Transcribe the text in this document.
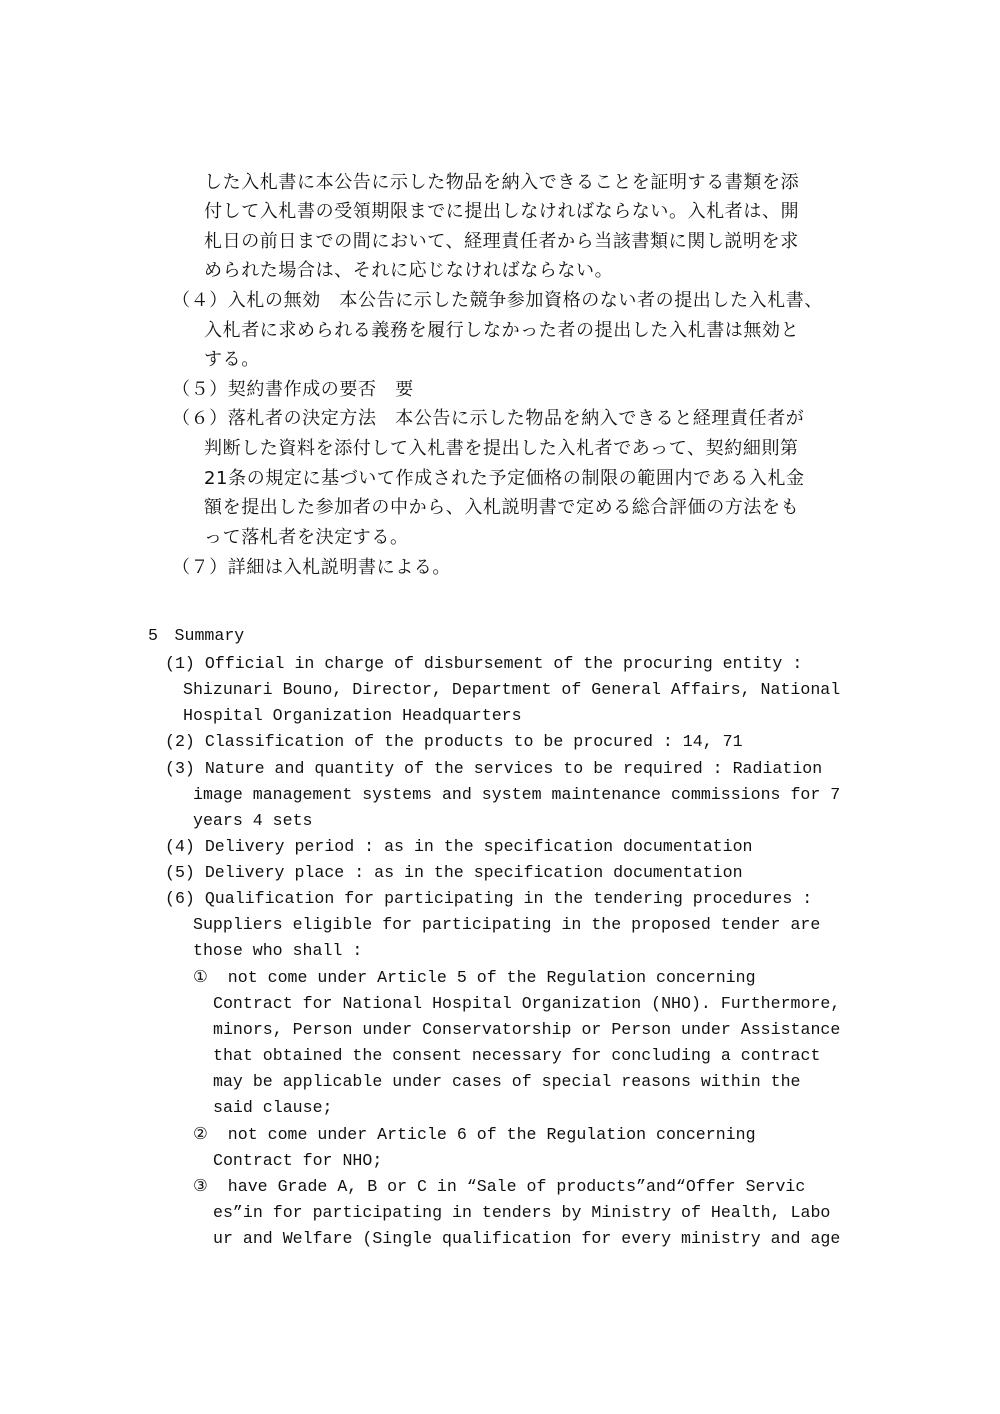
した入札書に本公告に示した物品を納入できることを証明する書類を添
付して入札書の受領期限までに提出しなければならない。入札者は、開
札日の前日までの間において、経理責任者から当該書類に関し説明を求
められた場合は、それに応じなければならない。
（４）入札の無効　本公告に示した競争参加資格のない者の提出した入札書、
入札者に求められる義務を履行しなかった者の提出した入札書は無効と
する。
（５）契約書作成の要否　要
（６）落札者の決定方法　本公告に示した物品を納入できると経理責任者が
判断した資料を添付して入札書を提出した入札者であって、契約細則第
21条の規定に基づいて作成された予定価格の制限の範囲内である入札金
額を提出した参加者の中から、入札説明書で定める総合評価の方法をも
って落札者を決定する。
（７）詳細は入札説明書による。
5　Summary
(1) Official in charge of disbursement of the procuring entity :
Shizunari Bouno, Director, Department of General Affairs, National
Hospital Organization Headquarters
(2) Classification of the products to be procured : 14, 71
(3) Nature and quantity of the services to be required : Radiation
image management systems and system maintenance commissions for 7
years 4 sets
(4) Delivery period : as in the specification documentation
(5) Delivery place : as in the specification documentation
(6) Qualification for participating in the tendering procedures :
Suppliers eligible for participating in the proposed tender are
those who shall :
①  not come under Article 5 of the Regulation concerning
Contract for National Hospital Organization (NHO). Furthermore,
minors, Person under Conservatorship or Person under Assistance
that obtained the consent necessary for concluding a contract
may be applicable under cases of special reasons within the
said clause;
②  not come under Article 6 of the Regulation concerning
Contract for NHO;
③  have Grade A, B or C in “Sale of products”and“Offer Servic
es”in for participating in tenders by Ministry of Health, Labo
ur and Welfare (Single qualification for every ministry and age
